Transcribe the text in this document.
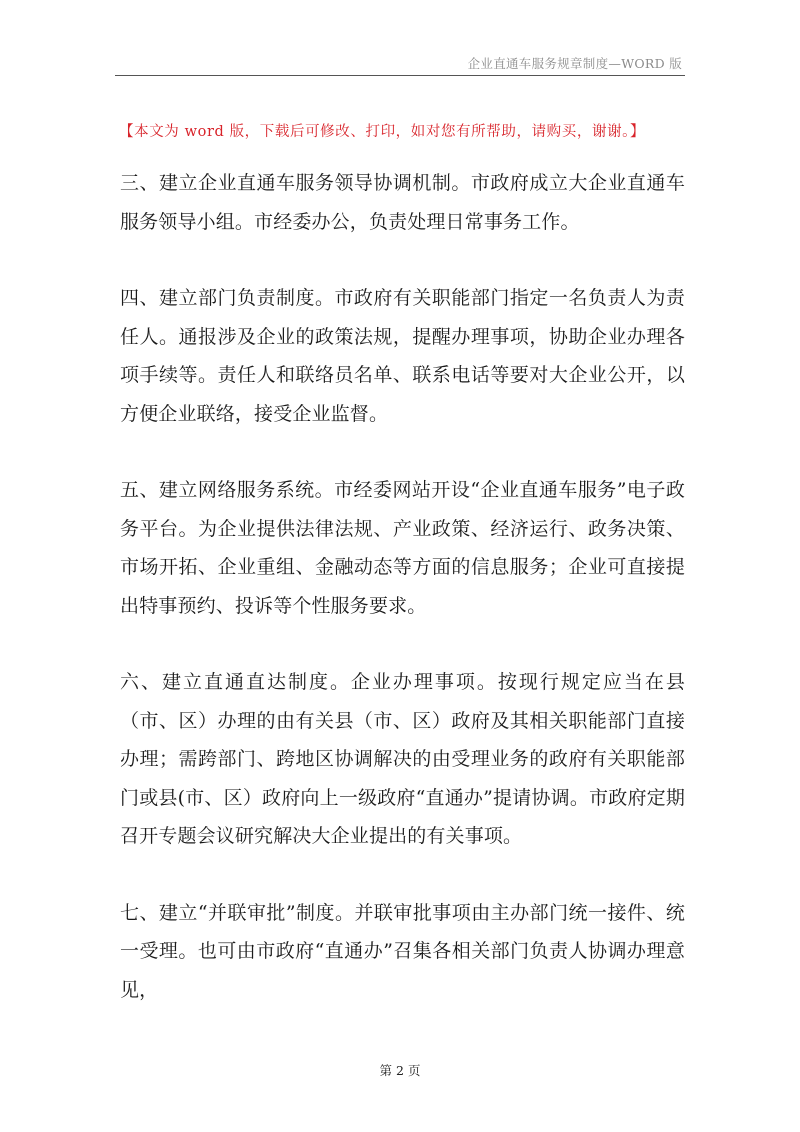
企业直通车服务规章制度—WORD 版
【本文为 word 版，下载后可修改、打印，如对您有所帮助，请购买，谢谢。】

三、建立企业直通车服务领导协调机制。市政府成立大企业直通车服务领导小组。市经委办公，负责处理日常事务工作。

四、建立部门负责制度。市政府有关职能部门指定一名负责人为责任人。通报涉及企业的政策法规，提醒办理事项，协助企业办理各项手续等。责任人和联络员名单、联系电话等要对大企业公开，以方便企业联络，接受企业监督。

五、建立网络服务系统。市经委网站开设“企业直通车服务”电子政务平台。为企业提供法律法规、产业政策、经济运行、政务决策、市场开拓、企业重组、金融动态等方面的信息服务；企业可直接提出特事预约、投诉等个性服务要求。

六、建立直通直达制度。企业办理事项。按现行规定应当在县（市、区）办理的由有关县（市、区）政府及其相关职能部门直接办理；需跨部门、跨地区协调解决的由受理业务的政府有关职能部门或县(市、区）政府向上一级政府“直通办”提请协调。市政府定期召开专题会议研究解决大企业提出的有关事项。

七、建立“并联审批”制度。并联审批事项由主办部门统一接件、统一受理。也可由市政府“直通办”召集各相关部门负责人协调办理意见，

第 2 页
